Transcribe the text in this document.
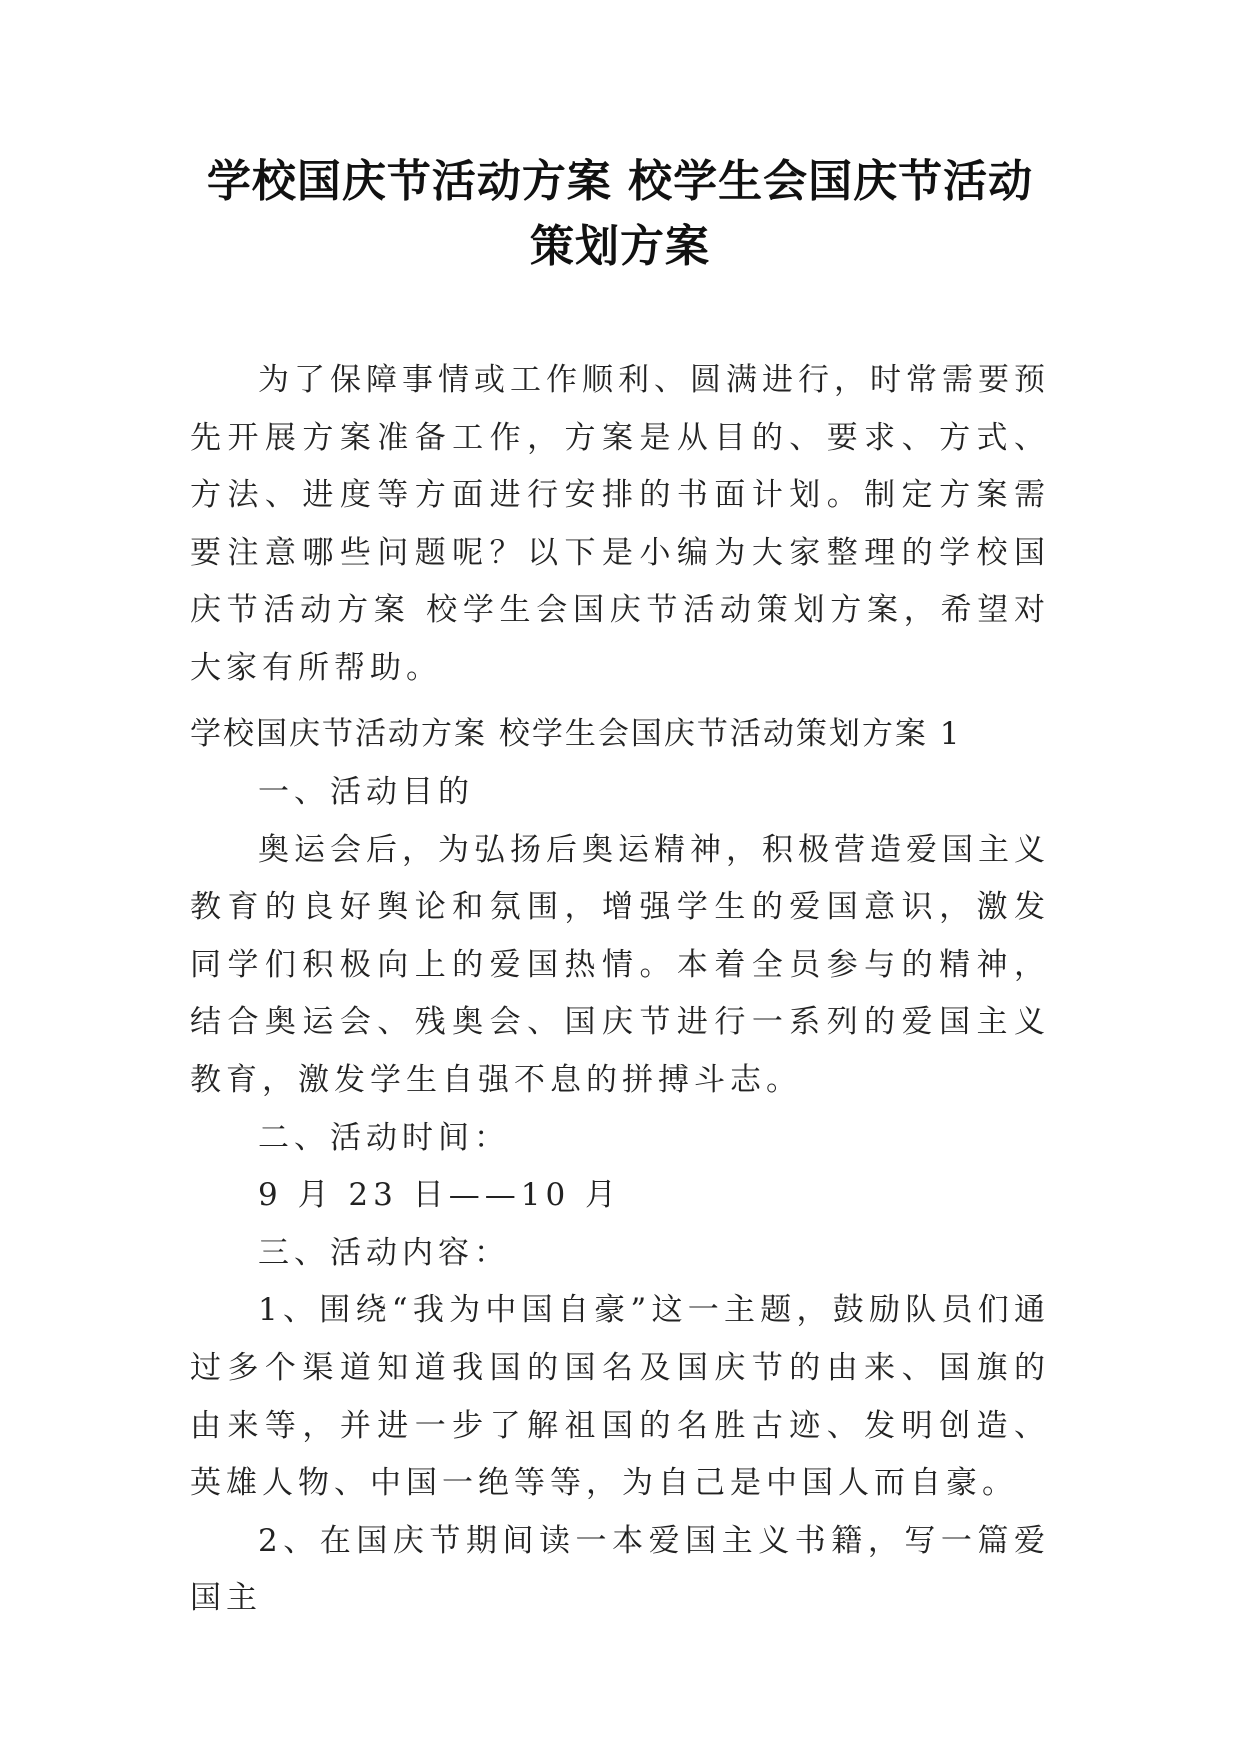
学校国庆节活动方案 校学生会国庆节活动
策划方案

为了保障事情或工作顺利、圆满进行，时常需要预先开展方案准备工作，方案是从目的、要求、方式、方法、进度等方面进行安排的书面计划。制定方案需要注意哪些问题呢？以下是小编为大家整理的学校国庆节活动方案 校学生会国庆节活动策划方案，希望对大家有所帮助。

学校国庆节活动方案 校学生会国庆节活动策划方案 1

一、活动目的

奥运会后，为弘扬后奥运精神，积极营造爱国主义教育的良好舆论和氛围，增强学生的爱国意识，激发同学们积极向上的爱国热情。本着全员参与的精神，结合奥运会、残奥会、国庆节进行一系列的爱国主义教育，激发学生自强不息的拼搏斗志。

二、活动时间：

9 月 23 日——10 月

三、活动内容：

1、围绕“我为中国自豪”这一主题，鼓励队员们通过多个渠道知道我国的国名及国庆节的由来、国旗的由来等，并进一步了解祖国的名胜古迹、发明创造、英雄人物、中国一绝等等，为自己是中国人而自豪。

2、在国庆节期间读一本爱国主义书籍，写一篇爱国主
